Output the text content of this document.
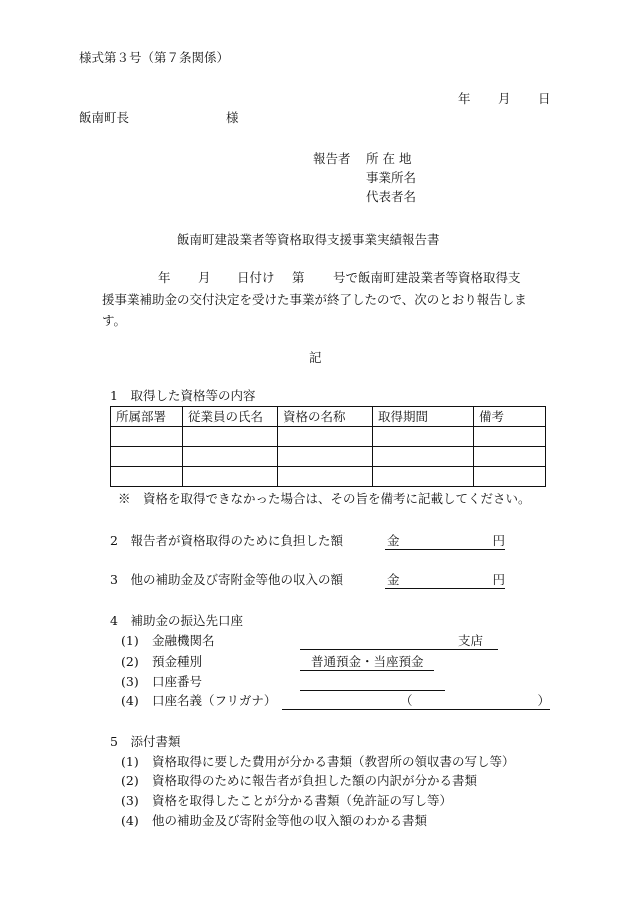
様式第３号（第７条関係）
年 月 日
飯南町長	様
報告者 所 在 地
事業所名
代表者名
飯南町建設業者等資格取得支援事業実績報告書
年 月 日付け 第 号で飯南町建設業者等資格取得支
援事業補助金の交付決定を受けた事業が終了したので、次のとおり報告しま
す。
記
1　取得した資格等の内容
所属部署	従業員の氏名	資格の名称	取得期間	備考

※　資格を取得できなかった場合は、その旨を備考に記載してください。
2　報告者が資格取得のために負担した額	金	円
3　他の補助金及び寄附金等他の収入の額	金	円
4　補助金の振込先口座
(1) 金融機関名	支店
(2) 預金種別	普通預金・当座預金
(3) 口座番号
(4) 口座名義（フリガナ）	（	）
5　添付書類
(1) 資格取得に要した費用が分かる書類（教習所の領収書の写し等）
(2) 資格取得のために報告者が負担した額の内訳が分かる書類
(3) 資格を取得したことが分かる書類（免許証の写し等）
(4) 他の補助金及び寄附金等他の収入額のわかる書類
